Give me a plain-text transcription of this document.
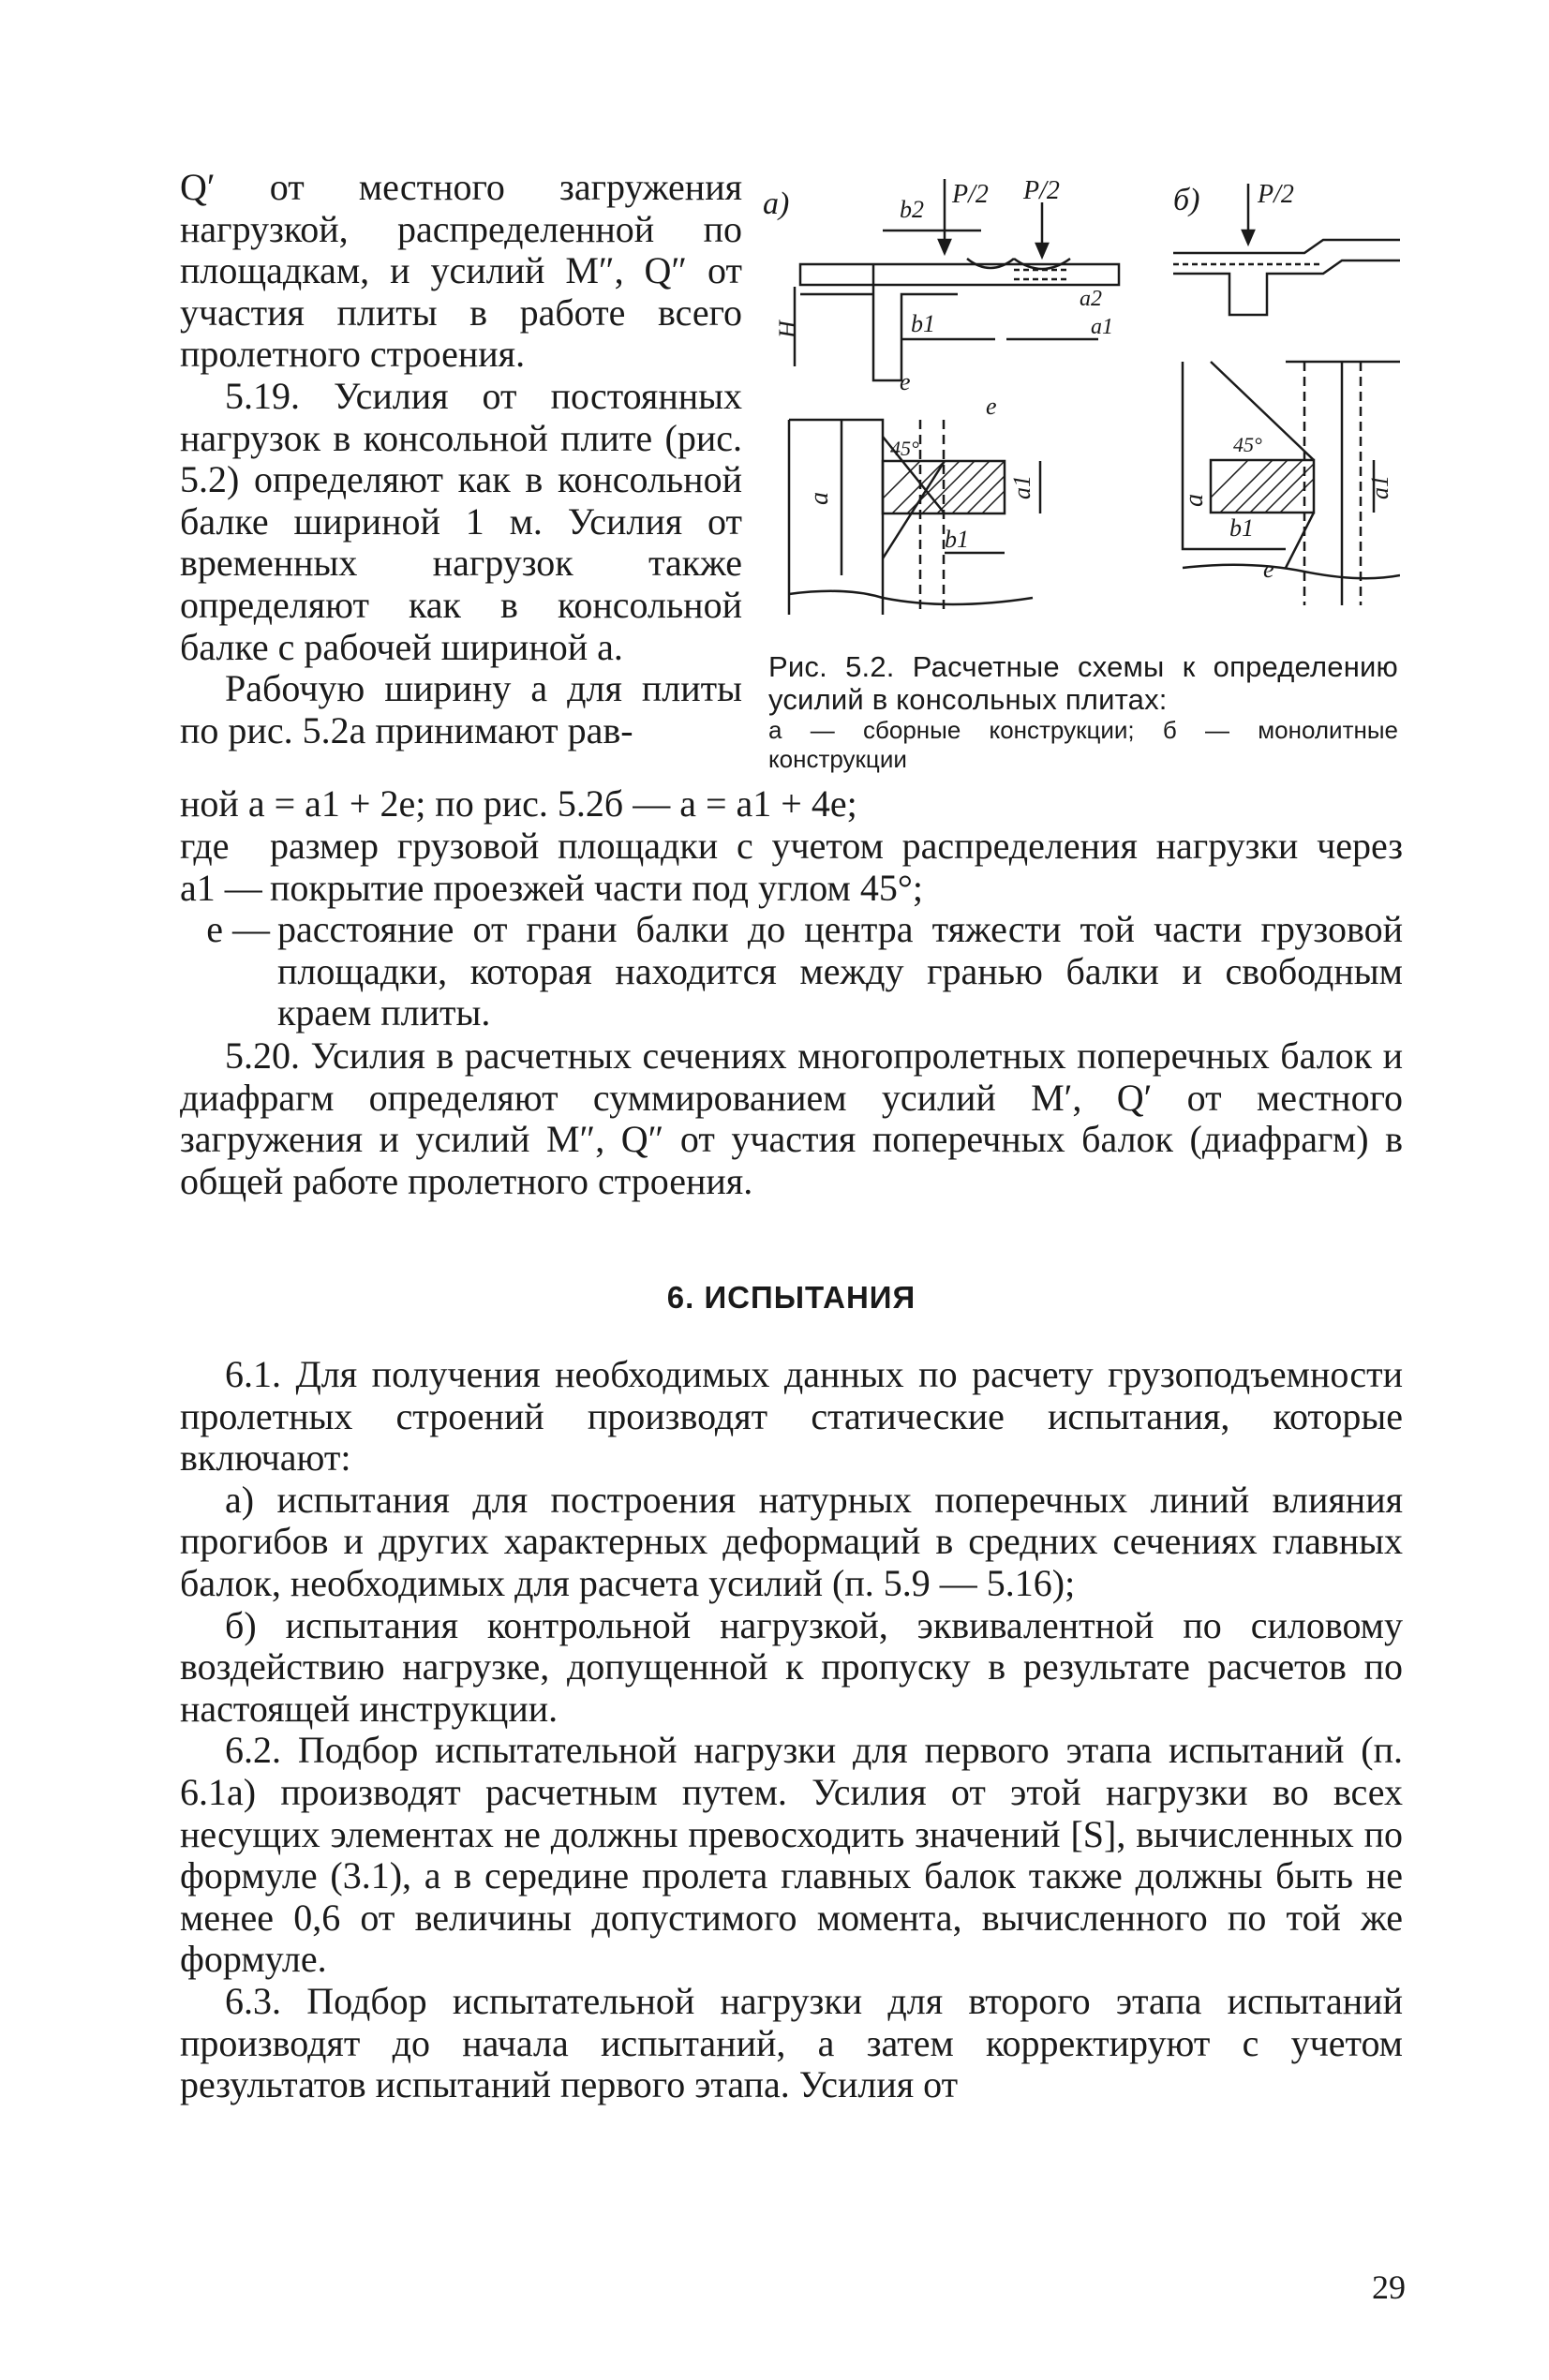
Q′ от местного загружения нагрузкой, распределенной по площадкам, и усилий M″, Q″ от участия плиты в работе всего пролетного строения.

5.19. Усилия от постоянных нагрузок в консольной плите (рис. 5.2) определяют как в консольной балке шириной 1 м. Усилия от временных нагрузок также определяют как в консольной балке с рабочей шириной a.

Рабочую ширину a для плиты по рис. 5.2а принимают рав-

а)	б)
P/2 P/2
b2
H	b1
a2
a1
e
45°
a	a1
b1
e
P/2
45°
a
a1
b1
e
Рис. 5.2. Расчетные схемы к определению усилий в консольных плитах:
а — сборные конструкции; б — монолитные конструкции

ной a = a1 + 2e; по рис. 5.2б — a = a1 + 4e;

где a1 —
размер грузовой площадки с учетом распределения нагрузки через покрытие проезжей части под углом 45°;
e — расстояние от грани балки до центра тяжести той части грузовой площадки, которая находится между гранью балки и свободным краем плиты.

5.20. Усилия в расчетных сечениях многопролетных поперечных балок и диафрагм определяют суммированием усилий M′, Q′ от местного загружения и усилий M″, Q″ от участия поперечных балок (диафрагм) в общей работе пролетного строения.

6. ИСПЫТАНИЯ

6.1. Для получения необходимых данных по расчету грузоподъемности пролетных строений производят статические испытания, которые включают:

а) испытания для построения натурных поперечных линий влияния прогибов и других характерных деформаций в средних сечениях главных балок, необходимых для расчета усилий (п. 5.9 — 5.16);

б) испытания контрольной нагрузкой, эквивалентной по силовому воздействию нагрузке, допущенной к пропуску в результате расчетов по настоящей инструкции.

6.2. Подбор испытательной нагрузки для первого этапа испытаний (п. 6.1а) производят расчетным путем. Усилия от этой нагрузки во всех несущих элементах не должны превосходить значений [S], вычисленных по формуле (3.1), а в середине пролета главных балок также должны быть не менее 0,6 от величины допустимого момента, вычисленного по той же формуле.

6.3. Подбор испытательной нагрузки для второго этапа испытаний производят до начала испытаний, а затем корректируют с учетом результатов испытаний первого этапа. Усилия от

29
